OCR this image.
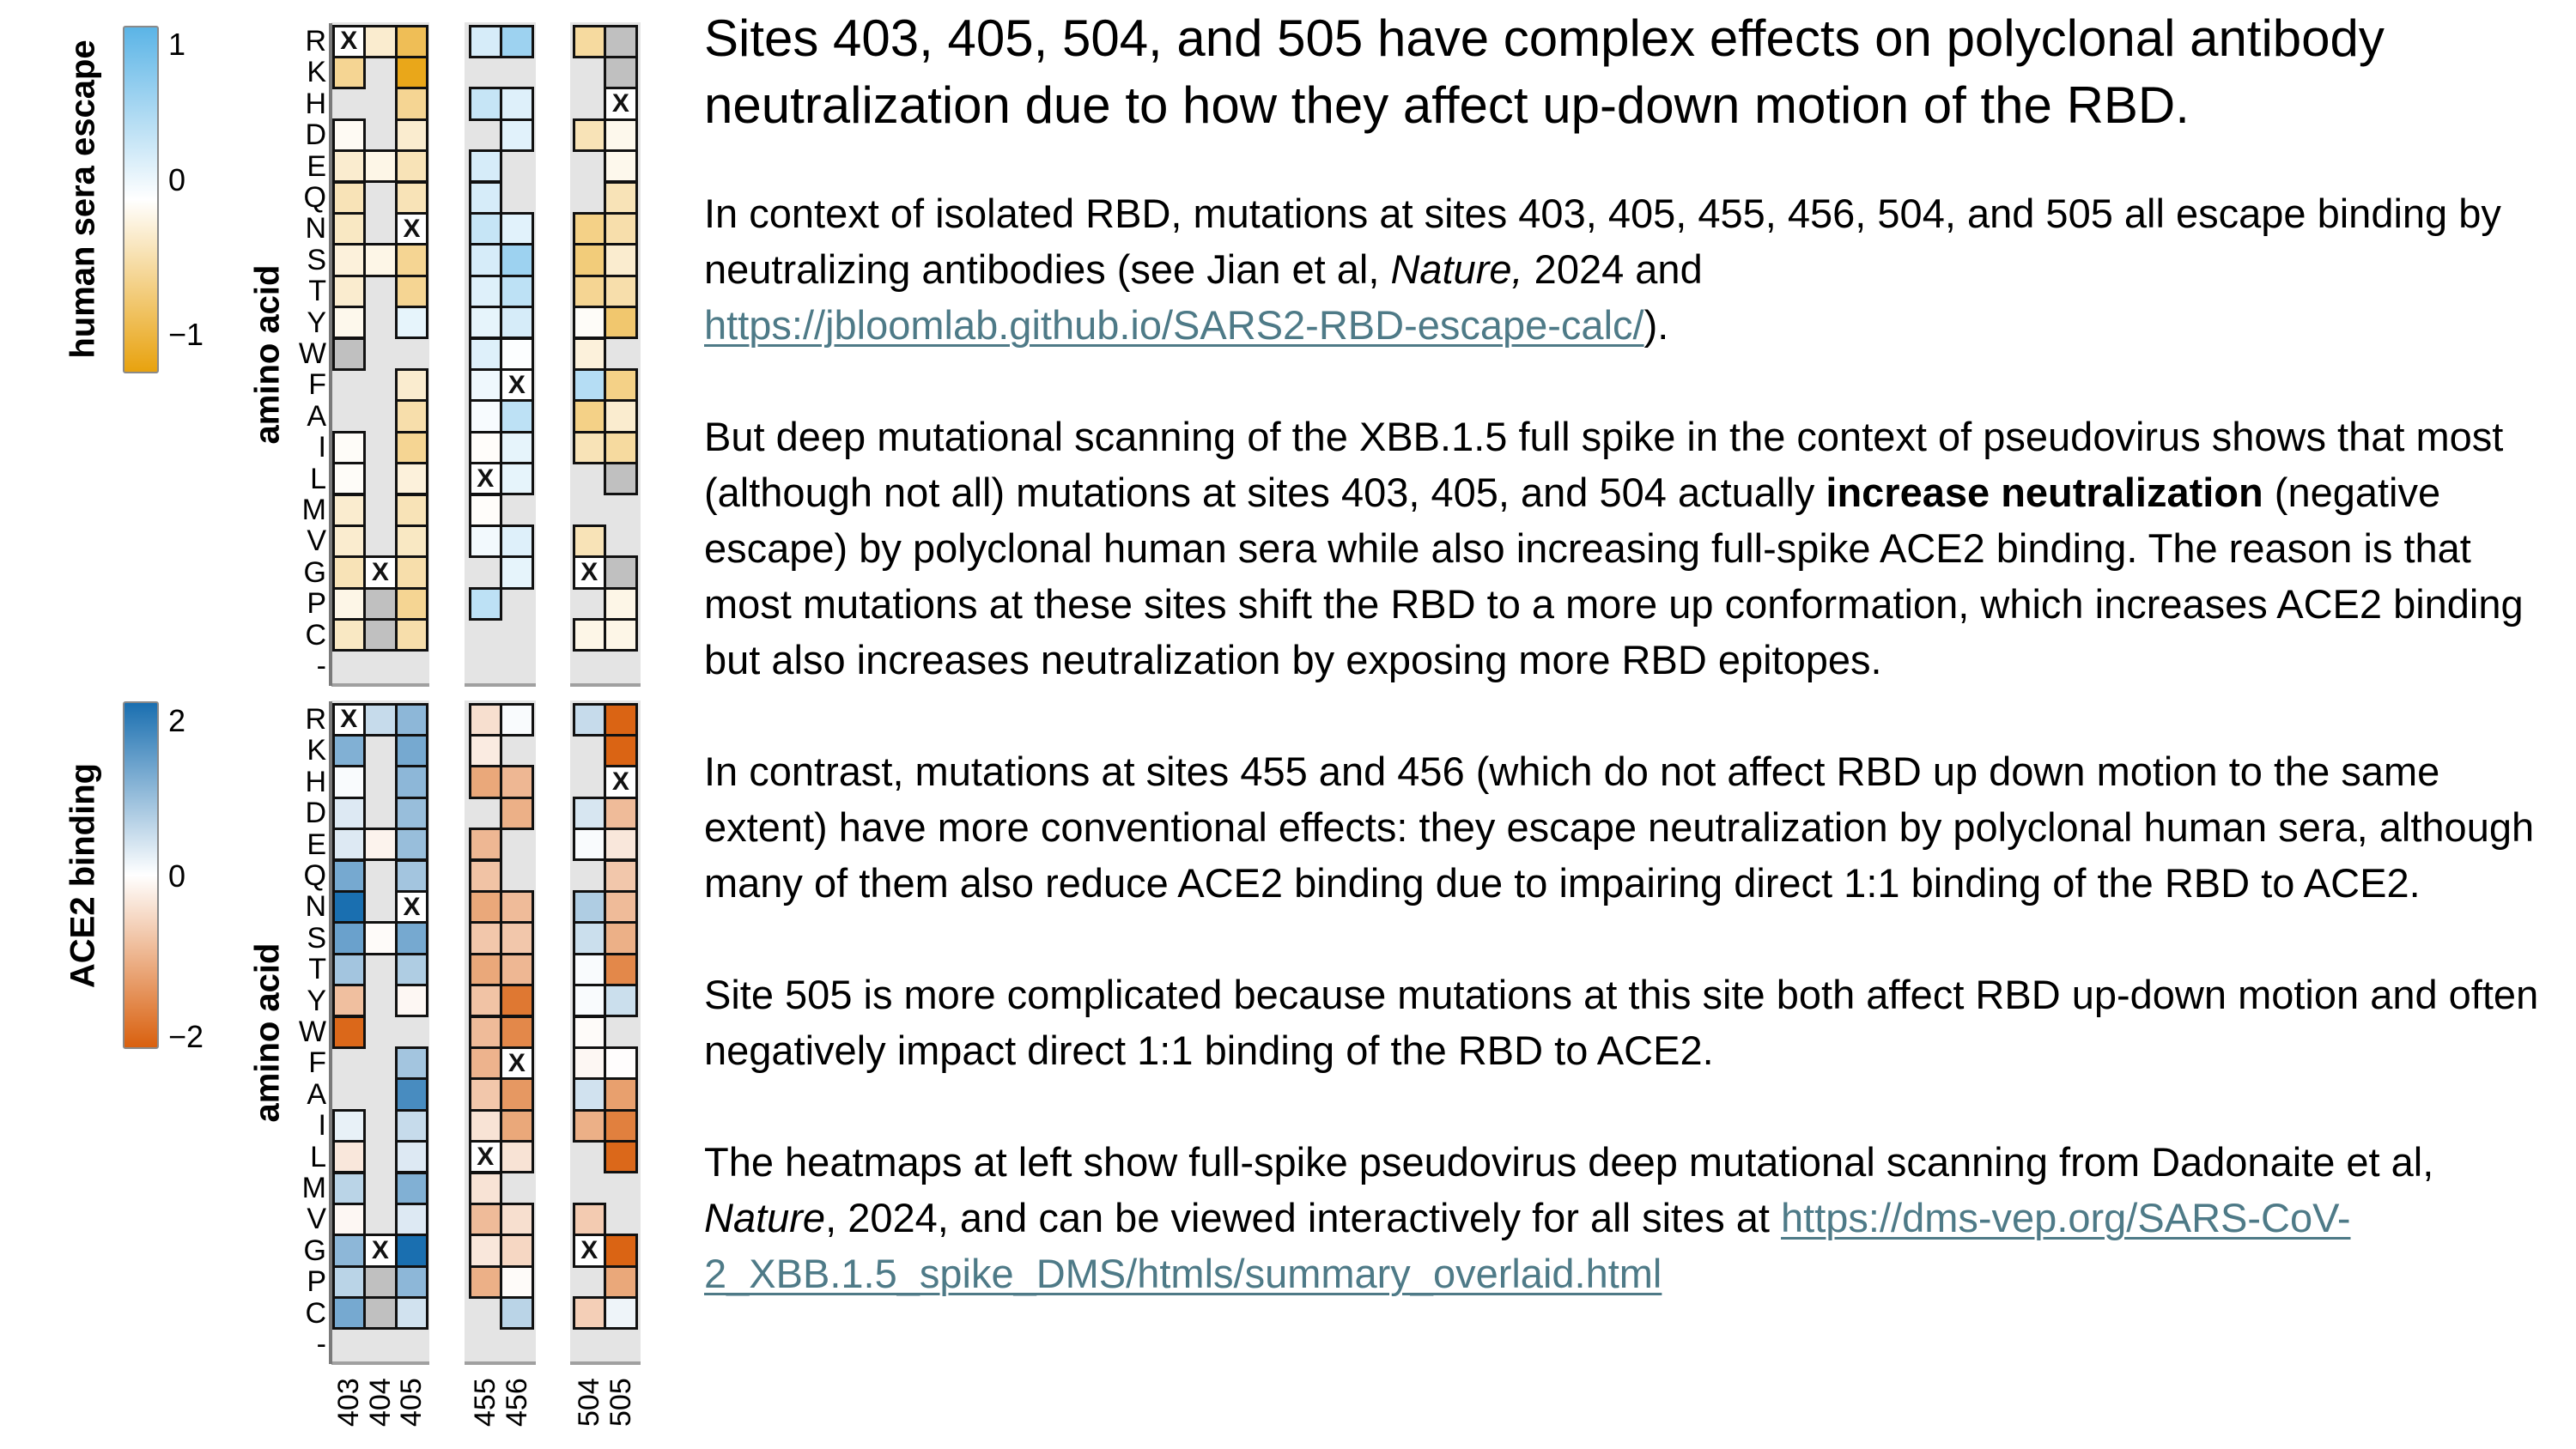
human sera escape 1
0
−1
ACE2 binding
2
0
−2
amino acid
amino acid
X
X
X
X
X
X
X
R
K
H
D
E
Q
N
S
T
Y
W
F
A
I
L
M
V
G
P
C
-
X
X
X
X
X
X
X
R
K
H
D
E
Q
N
S
T
Y
W
F
A
I
L
M
V
G
P
C
-
403
404
405 455
456 504
505
Sites 403, 405, 504, and 505 have complex effects on polyclonal antibody neutralization due to how they affect up-down motion of the RBD.

In context of isolated RBD, mutations at sites 403, 405, 455, 456, 504, and 505 all escape binding by neutralizing antibodies (see Jian et al, Nature, 2024 and
https://jbloomlab.github.io/SARS2-RBD-escape-calc/).

But deep mutational scanning of the XBB.1.5 full spike in the context of pseudovirus shows that most (although not all) mutations at sites 403, 405, and 504 actually increase neutralization (negative escape) by polyclonal human sera while also increasing full-spike ACE2 binding. The reason is that most mutations at these sites shift the RBD to a more up conformation, which increases ACE2 binding but also increases neutralization by exposing more RBD epitopes.

In contrast, mutations at sites 455 and 456 (which do not affect RBD up down motion to the same extent) have more conventional effects: they escape neutralization by polyclonal human sera, although many of them also reduce ACE2 binding due to impairing direct 1:1 binding of the RBD to ACE2.

Site 505 is more complicated because mutations at this site both affect RBD up-down motion and often negatively impact direct 1:1 binding of the RBD to ACE2.

The heatmaps at left show full-spike pseudovirus deep mutational scanning from Dadonaite et al, Nature, 2024, and can be viewed interactively for all sites at https://dms-vep.org/SARS-CoV-2_XBB.1.5_spike_DMS/htmls/summary_overlaid.html
